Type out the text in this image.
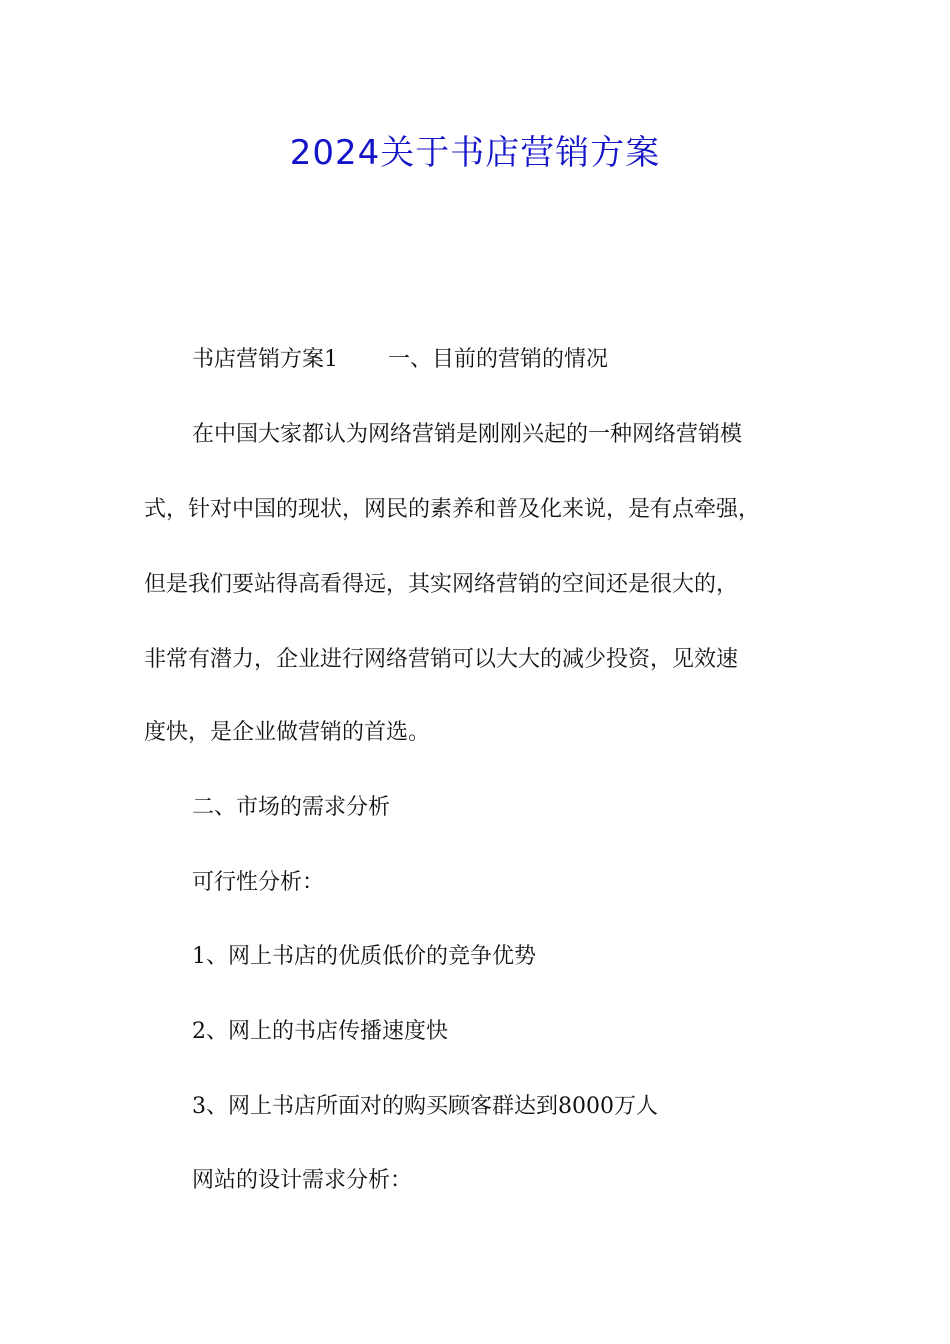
2024关于书店营销方案
书店营销方案1 一、目前的营销的情况
在中国大家都认为网络营销是刚刚兴起的一种网络营销模
式，针对中国的现状，网民的素养和普及化来说，是有点牵强，
但是我们要站得高看得远，其实网络营销的空间还是很大的，
非常有潜力，企业进行网络营销可以大大的减少投资，见效速
度快，是企业做营销的首选。
二、市场的需求分析
可行性分析：
1、网上书店的优质低价的竞争优势
2、网上的书店传播速度快
3、网上书店所面对的购买顾客群达到8000万人
网站的设计需求分析：
